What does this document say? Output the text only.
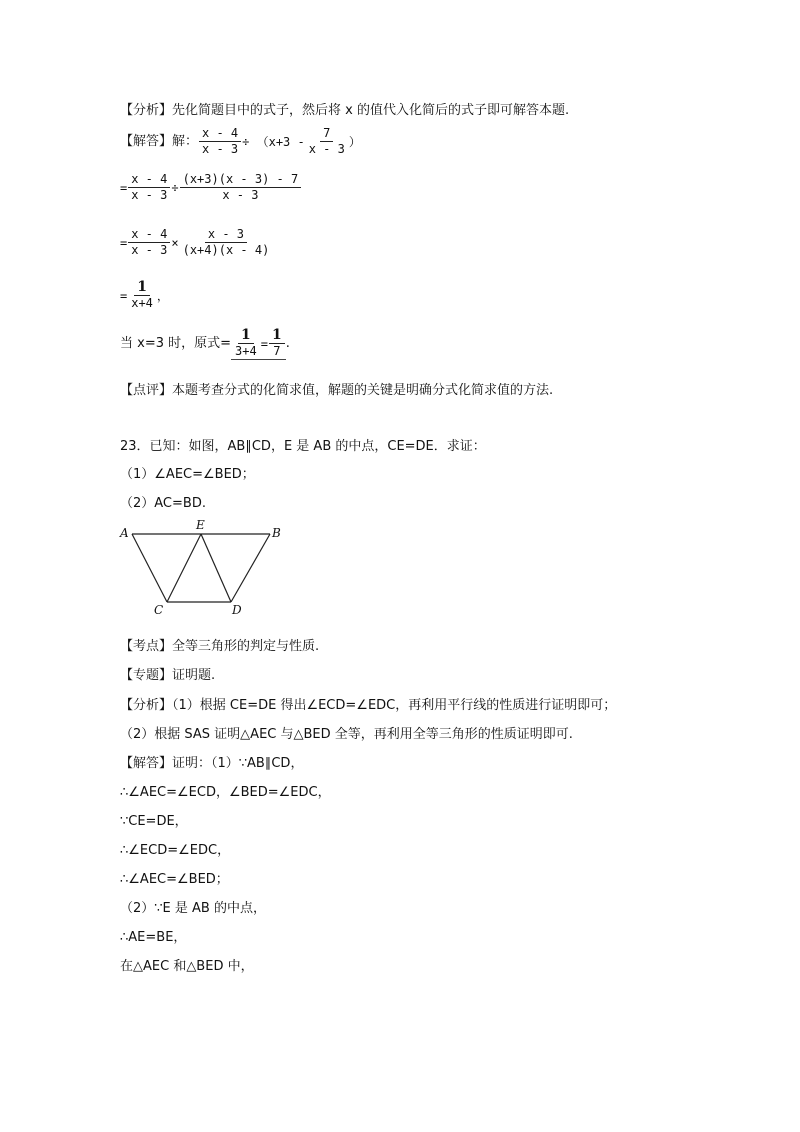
【分析】先化简题目中的式子，然后将 x 的值代入化简后的式子即可解答本题.
【解答】解： $\frac{x - 4}{x - 3} \div (x+3 - \frac{7}{x - 3}$ ）
= $\frac{x - 4}{x - 3} \div \frac{(x+3)(x - 3) - 7}{x - 3}$
= $\frac{x - 4}{x - 3} \times \frac{x - 3}{(x+4)(x - 4)}$
= $\frac{1}{x+4}$ ，
当 x=3 时，原式= $\frac{1}{3+4} = \frac{1}{7}$ .
【点评】本题考查分式的化简求值，解题的关键是明确分式化简求值的方法.
23．已知：如图，AB∥CD，E 是 AB 的中点，CE=DE．求证：
（1）∠AEC=∠BED；
（2）AC=BD.
A
E
B
C	D
【考点】全等三角形的判定与性质.
【专题】证明题.
【分析】（1）根据 CE=DE 得出∠ECD=∠EDC，再利用平行线的性质进行证明即可；
（2）根据 SAS 证明△AEC 与△BED 全等，再利用全等三角形的性质证明即可.
【解答】证明：（1）∵AB∥CD，
∴∠AEC=∠ECD，∠BED=∠EDC，
∵CE=DE，
∴∠ECD=∠EDC，
∴∠AEC=∠BED；
（2）∵E 是 AB 的中点，
∴AE=BE，
在△AEC 和△BED 中，
